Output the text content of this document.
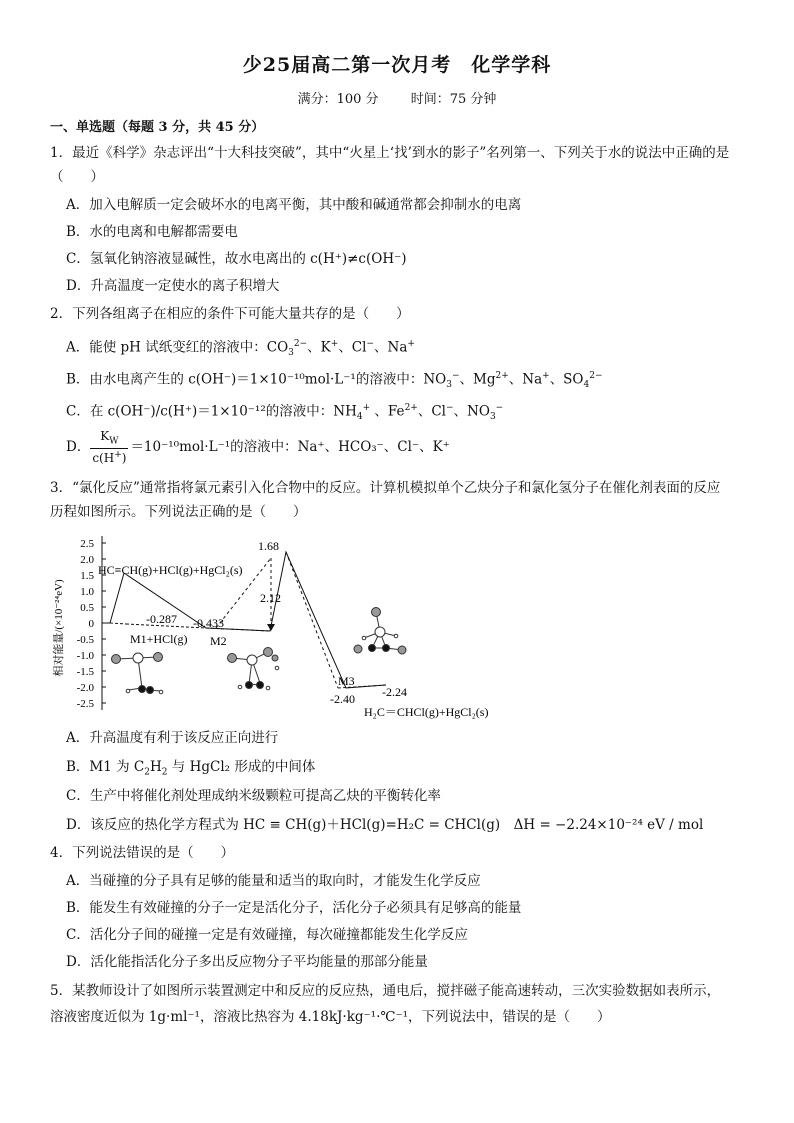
少25届高二第一次月考　化学学科
满分：100 分 时间：75 分钟
一、单选题（每题 3 分，共 45 分）
1．最近《科学》杂志评出“十大科技突破”，其中“火星上‘找’到水的影子”名列第一、下列关于水的说法中正确的是
（　　）
A．加入电解质一定会破坏水的电离平衡，其中酸和碱通常都会抑制水的电离
B．水的电离和电解都需要电
C．氢氧化钠溶液显碱性，故水电离出的 c(H⁺)≠c(OH⁻)
D．升高温度一定使水的离子积增大
2．下列各组离子在相应的条件下可能大量共存的是（　　）
A．能使 pH 试纸变红的溶液中：$CO_3^{2-}$、K+、Cl−、Na+
B．由水电离产生的 c(OH⁻)＝1×10⁻¹⁰mol·L⁻¹的溶液中：$NO_3^-$、$Mg^{2+}$、Na+、$SO_4^{2-}$
C．在 c(OH⁻)/c(H⁺)＝1×10⁻¹²的溶液中：$NH_4^+$ 、$Fe^{2+}$、Cl−、$NO_3^-$
D． $\frac{K_W}{c(H^+)} =10^{-10}mol\cdot L^{-1}$的溶液中：Na⁺、HCO₃⁻、Cl⁻、K⁺
3．“氯化反应”通常指将氯元素引入化合物中的反应。计算机模拟单个乙炔分子和氯化氢分子在催化剂表面的反应
历程如图所示。下列说法正确的是（　　）
相对能量/(×10⁻²⁴eV)
2.5
2.0
1.5
1.0
0.5
0
-0.5
-1.0
-1.5
-2.0
-2.5
HC≡CH(g)+HCl(g)+HgCl₂(s)
1.68
2.12
-0.287 -0.433
M1+HCl(g) M2
M3
-2.40 -2.24
H₂C＝CHCl(g)+HgCl₂(s)
A．升高温度有利于该反应正向进行
B．M1 为 $C_2H_2$ 与 HgCl₂ 形成的中间体
C．生产中将催化剂处理成纳米级颗粒可提高乙炔的平衡转化率
D．该反应的热化学方程式为 HC ≡ CH(g)＋HCl(g)=H₂C = CHCl(g)　ΔH = −2.24×10⁻²⁴ eV / mol
4．下列说法错误的是（　　）
A．当碰撞的分子具有足够的能量和适当的取向时，才能发生化学反应
B．能发生有效碰撞的分子一定是活化分子，活化分子必须具有足够高的能量
C．活化分子间的碰撞一定是有效碰撞，每次碰撞都能发生化学反应
D．活化能指活化分子多出反应物分子平均能量的那部分能量
5．某教师设计了如图所示装置测定中和反应的反应热，通电后，搅拌磁子能高速转动，三次实验数据如表所示，
溶液密度近似为 1g·ml⁻¹，溶液比热容为 4.18kJ·kg⁻¹·℃⁻¹，下列说法中，错误的是（　　）
